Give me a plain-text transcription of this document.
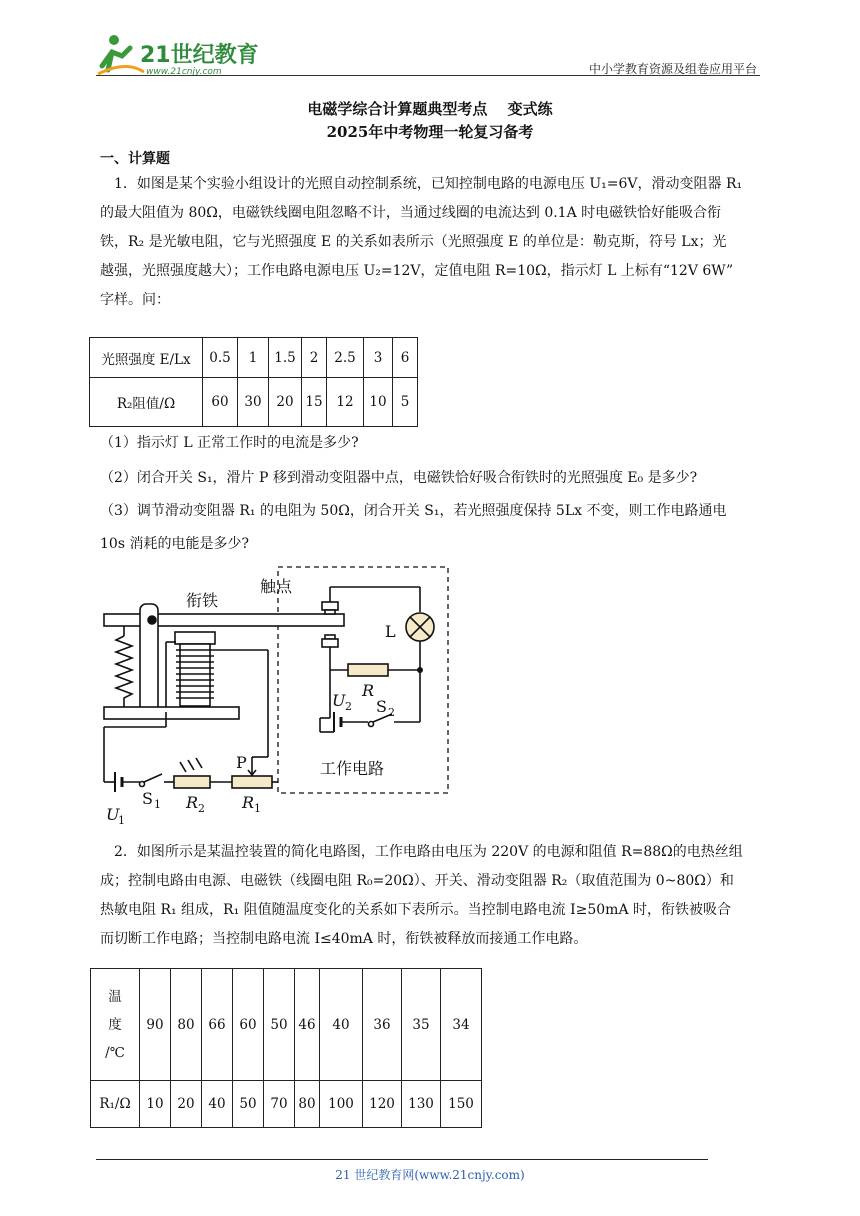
21世纪教育
www.21cnjy.com	中小学教育资源及组卷应用平台
电磁学综合计算题典型考点　 变式练
2025年中考物理一轮复习备考
一、计算题
1．如图是某个实验小组设计的光照自动控制系统，已知控制电路的电源电压 U₁=6V，滑动变阻器 R₁
的最大阻值为 80Ω，电磁铁线圈电阻忽略不计，当通过线圈的电流达到 0.1A 时电磁铁恰好能吸合衔
铁，R₂ 是光敏电阻，它与光照强度 E 的关系如表所示（光照强度 E 的单位是：勒克斯，符号 Lx；光
越强，光照强度越大）；工作电路电源电压 U₂=12V，定值电阻 R=10Ω，指示灯 L 上标有“12V 6W”
字样。问：
光照强度 E/Lx	0.5	1	1.5	2	2.5	3	6
R₂阻值/Ω	60	30	20	15	12	10	5
（1）指示灯 L 正常工作时的电流是多少?
（2）闭合开关 S₁，滑片 P 移到滑动变阻器中点，电磁铁恰好吸合衔铁时的光照强度 E₀ 是多少?
（3）调节滑动变阻器 R₁ 的电阻为 50Ω，闭合开关 S₁，若光照强度保持 5Lx 不变，则工作电路通电
10s 消耗的电能是多少?
衔铁
触点
L
R
U 2 S 2
工作电路
P
S 1 R 2 R 1
U
1
2．如图所示是某温控装置的简化电路图，工作电路由电压为 220V 的电源和阻值 R=88Ω的电热丝组
成；控制电路由电源、电磁铁（线圈电阻 R₀=20Ω）、开关、滑动变阻器 R₂（取值范围为 0~80Ω）和
热敏电阻 R₁ 组成，R₁ 阻值随温度变化的关系如下表所示。当控制电路电流 I≥50mA 时，衔铁被吸合
而切断工作电路；当控制电路电流 I≤40mA 时，衔铁被释放而接通工作电路。
温
度
/℃	90	80	66	60	50	46	40	36	35	34
R₁/Ω	10	20	40	50	70	80	100	120	130	150
21 世纪教育网(www.21cnjy.com)
